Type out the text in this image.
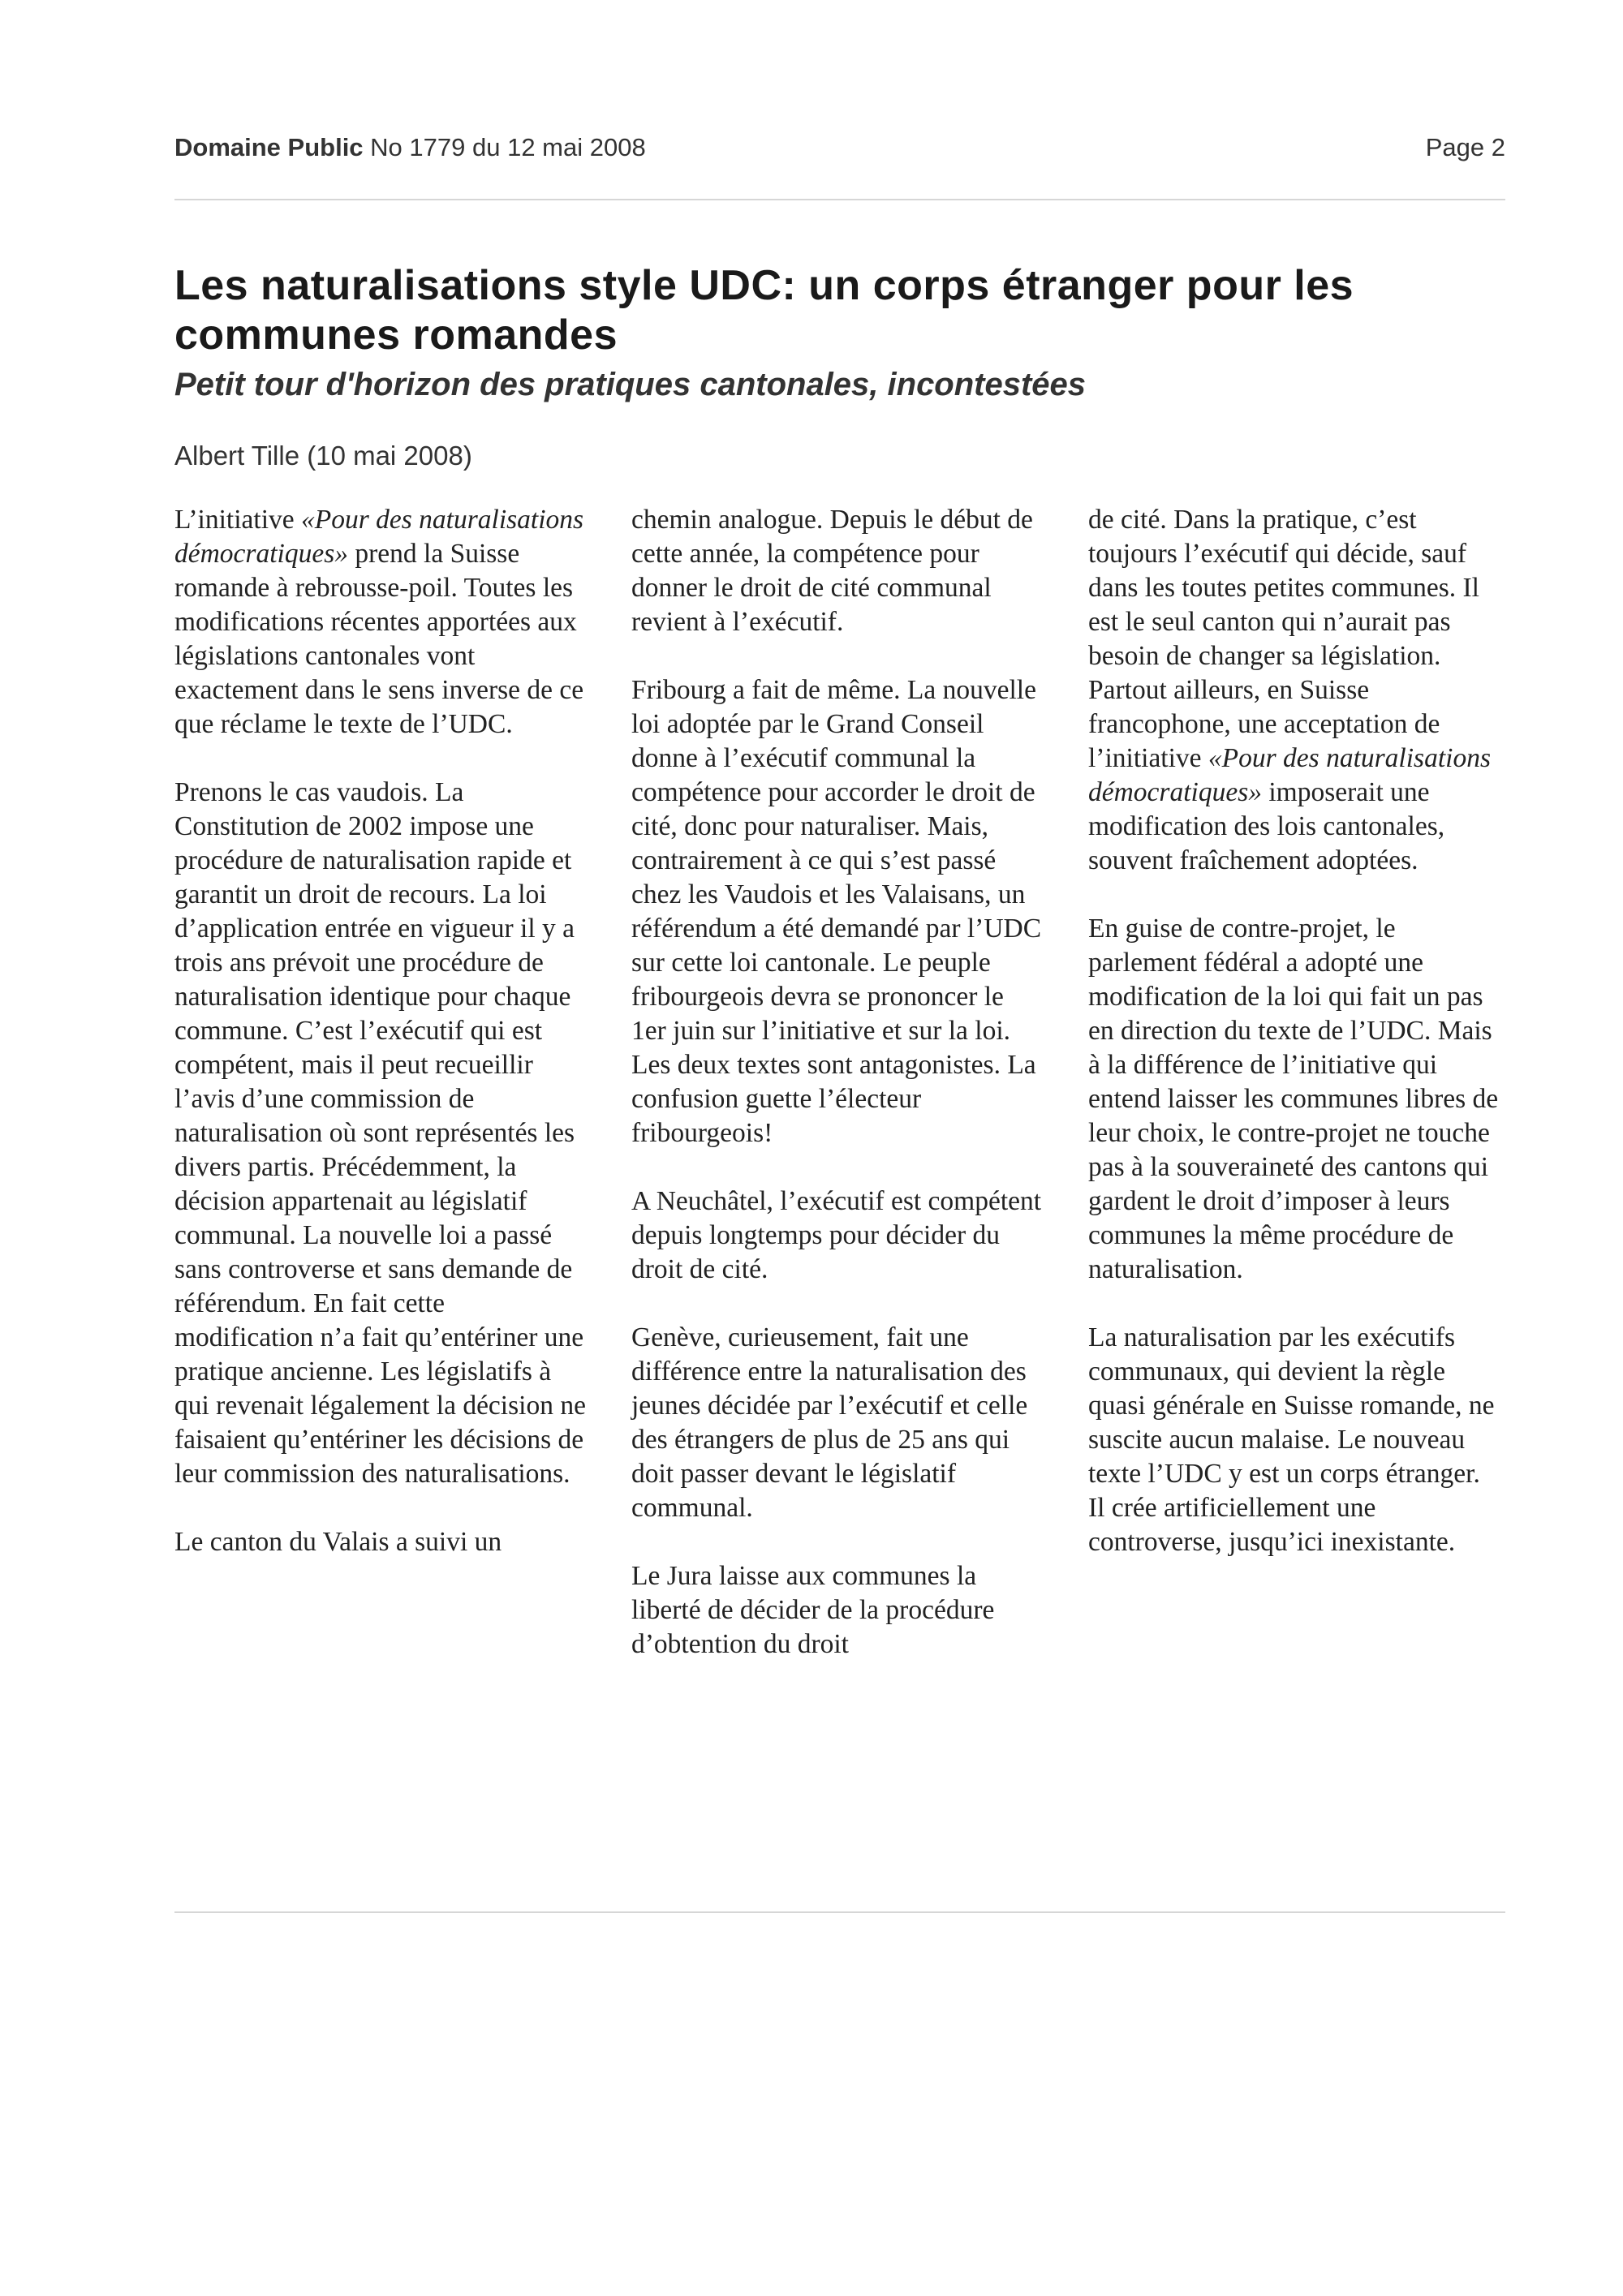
Domaine Public No 1779 du 12 mai 2008	Page 2
Les naturalisations style UDC: un corps étranger pour les communes romandes
Petit tour d'horizon des pratiques cantonales, incontestées
Albert Tille (10 mai 2008)

L’initiative «Pour des naturalisations démocratiques» prend la Suisse romande à rebrousse-poil. Toutes les modifications récentes apportées aux législations cantonales vont exactement dans le sens inverse de ce que réclame le texte de l’UDC.

Prenons le cas vaudois. La Constitution de 2002 impose une procédure de naturalisation rapide et garantit un droit de recours. La loi d’application entrée en vigueur il y a trois ans prévoit une procédure de naturalisation identique pour chaque commune. C’est l’exécutif qui est compétent, mais il peut recueillir l’avis d’une commission de naturalisation où sont représentés les divers partis. Précédemment, la décision appartenait au législatif communal. La nouvelle loi a passé sans controverse et sans demande de référendum. En fait cette modification n’a fait qu’entériner une pratique ancienne. Les législatifs à qui revenait légalement la décision ne faisaient qu’entériner les décisions de leur commission des naturalisations.

Le canton du Valais a suivi un

chemin analogue. Depuis le début de cette année, la compétence pour donner le droit de cité communal revient à l’exécutif.

Fribourg a fait de même. La nouvelle loi adoptée par le Grand Conseil donne à l’exécutif communal la compétence pour accorder le droit de cité, donc pour naturaliser. Mais, contrairement à ce qui s’est passé chez les Vaudois et les Valaisans, un référendum a été demandé par l’UDC sur cette loi cantonale. Le peuple fribourgeois devra se prononcer le 1er juin sur l’initiative et sur la loi. Les deux textes sont antagonistes. La confusion guette l’électeur fribourgeois!

A Neuchâtel, l’exécutif est compétent depuis longtemps pour décider du droit de cité.

Genève, curieusement, fait une différence entre la naturalisation des jeunes décidée par l’exécutif et celle des étrangers de plus de 25 ans qui doit passer devant le législatif communal.

Le Jura laisse aux communes la liberté de décider de la procédure d’obtention du droit

de cité. Dans la pratique, c’est toujours l’exécutif qui décide, sauf dans les toutes petites communes. Il est le seul canton qui n’aurait pas besoin de changer sa législation. Partout ailleurs, en Suisse francophone, une acceptation de l’initiative «Pour des naturalisations démocratiques» imposerait une modification des lois cantonales, souvent fraîchement adoptées.

En guise de contre-projet, le parlement fédéral a adopté une modification de la loi qui fait un pas en direction du texte de l’UDC. Mais à la différence de l’initiative qui entend laisser les communes libres de leur choix, le contre-projet ne touche pas à la souveraineté des cantons qui gardent le droit d’imposer à leurs communes la même procédure de naturalisation.

La naturalisation par les exécutifs communaux, qui devient la règle quasi générale en Suisse romande, ne suscite aucun malaise. Le nouveau texte l’UDC y est un corps étranger. Il crée artificiellement une controverse, jusqu’ici inexistante.
